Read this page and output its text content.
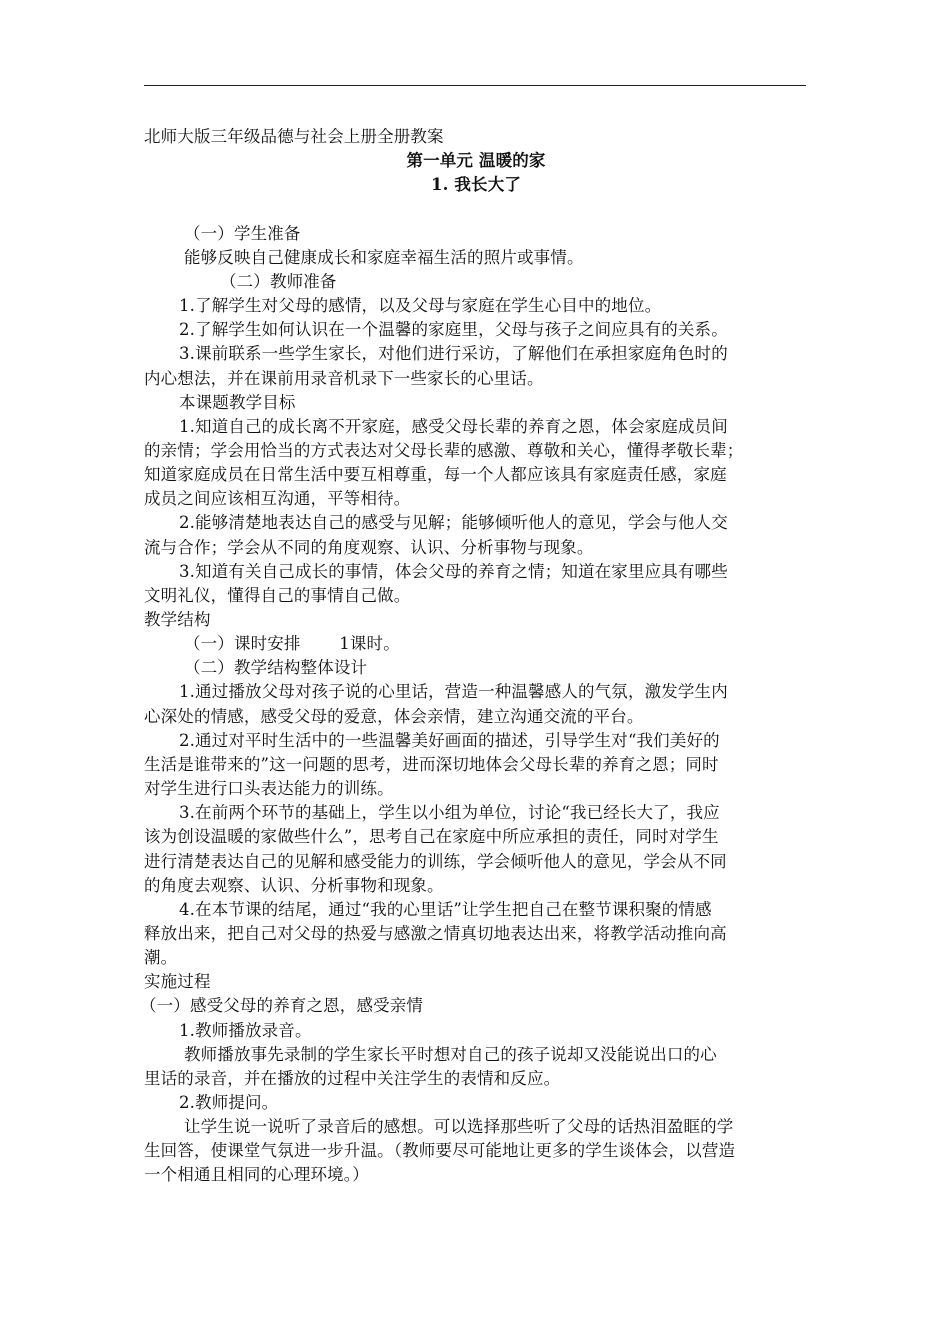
北师大版三年级品德与社会上册全册教案
第一单元 温暖的家
1. 我长大了
（一）学生准备
能够反映自己健康成长和家庭幸福生活的照片或事情。
（二）教师准备
1.了解学生对父母的感情，以及父母与家庭在学生心目中的地位。
2.了解学生如何认识在一个温馨的家庭里，父母与孩子之间应具有的关系。
3.课前联系一些学生家长，对他们进行采访，了解他们在承担家庭角色时的
内心想法，并在课前用录音机录下一些家长的心里话。
本课题教学目标
1.知道自己的成长离不开家庭，感受父母长辈的养育之恩，体会家庭成员间
的亲情；学会用恰当的方式表达对父母长辈的感激、尊敬和关心，懂得孝敬长辈；
知道家庭成员在日常生活中要互相尊重，每一个人都应该具有家庭责任感，家庭
成员之间应该相互沟通，平等相待。
2.能够清楚地表达自己的感受与见解；能够倾听他人的意见，学会与他人交
流与合作；学会从不同的角度观察、认识、分析事物与现象。
3.知道有关自己成长的事情，体会父母的养育之情；知道在家里应具有哪些
文明礼仪，懂得自己的事情自己做。
教学结构
（一）课时安排　　 1课时。
（二）教学结构整体设计
1.通过播放父母对孩子说的心里话，营造一种温馨感人的气氛，激发学生内
心深处的情感，感受父母的爱意，体会亲情，建立沟通交流的平台。
2.通过对平时生活中的一些温馨美好画面的描述，引导学生对“我们美好的
生活是谁带来的”这一问题的思考，进而深切地体会父母长辈的养育之恩；同时
对学生进行口头表达能力的训练。
3.在前两个环节的基础上，学生以小组为单位，讨论“我已经长大了，我应
该为创设温暖的家做些什么”，思考自己在家庭中所应承担的责任，同时对学生
进行清楚表达自己的见解和感受能力的训练，学会倾听他人的意见，学会从不同
的角度去观察、认识、分析事物和现象。
4.在本节课的结尾，通过“我的心里话”让学生把自己在整节课积聚的情感
释放出来，把自己对父母的热爱与感激之情真切地表达出来，将教学活动推向高
潮。
实施过程
（一）感受父母的养育之恩，感受亲情
1.教师播放录音。
教师播放事先录制的学生家长平时想对自己的孩子说却又没能说出口的心
里话的录音，并在播放的过程中关注学生的表情和反应。
2.教师提问。
让学生说一说听了录音后的感想。可以选择那些听了父母的话热泪盈眶的学
生回答，使课堂气氛进一步升温。（教师要尽可能地让更多的学生谈体会，以营造
一个相通且相同的心理环境。）
